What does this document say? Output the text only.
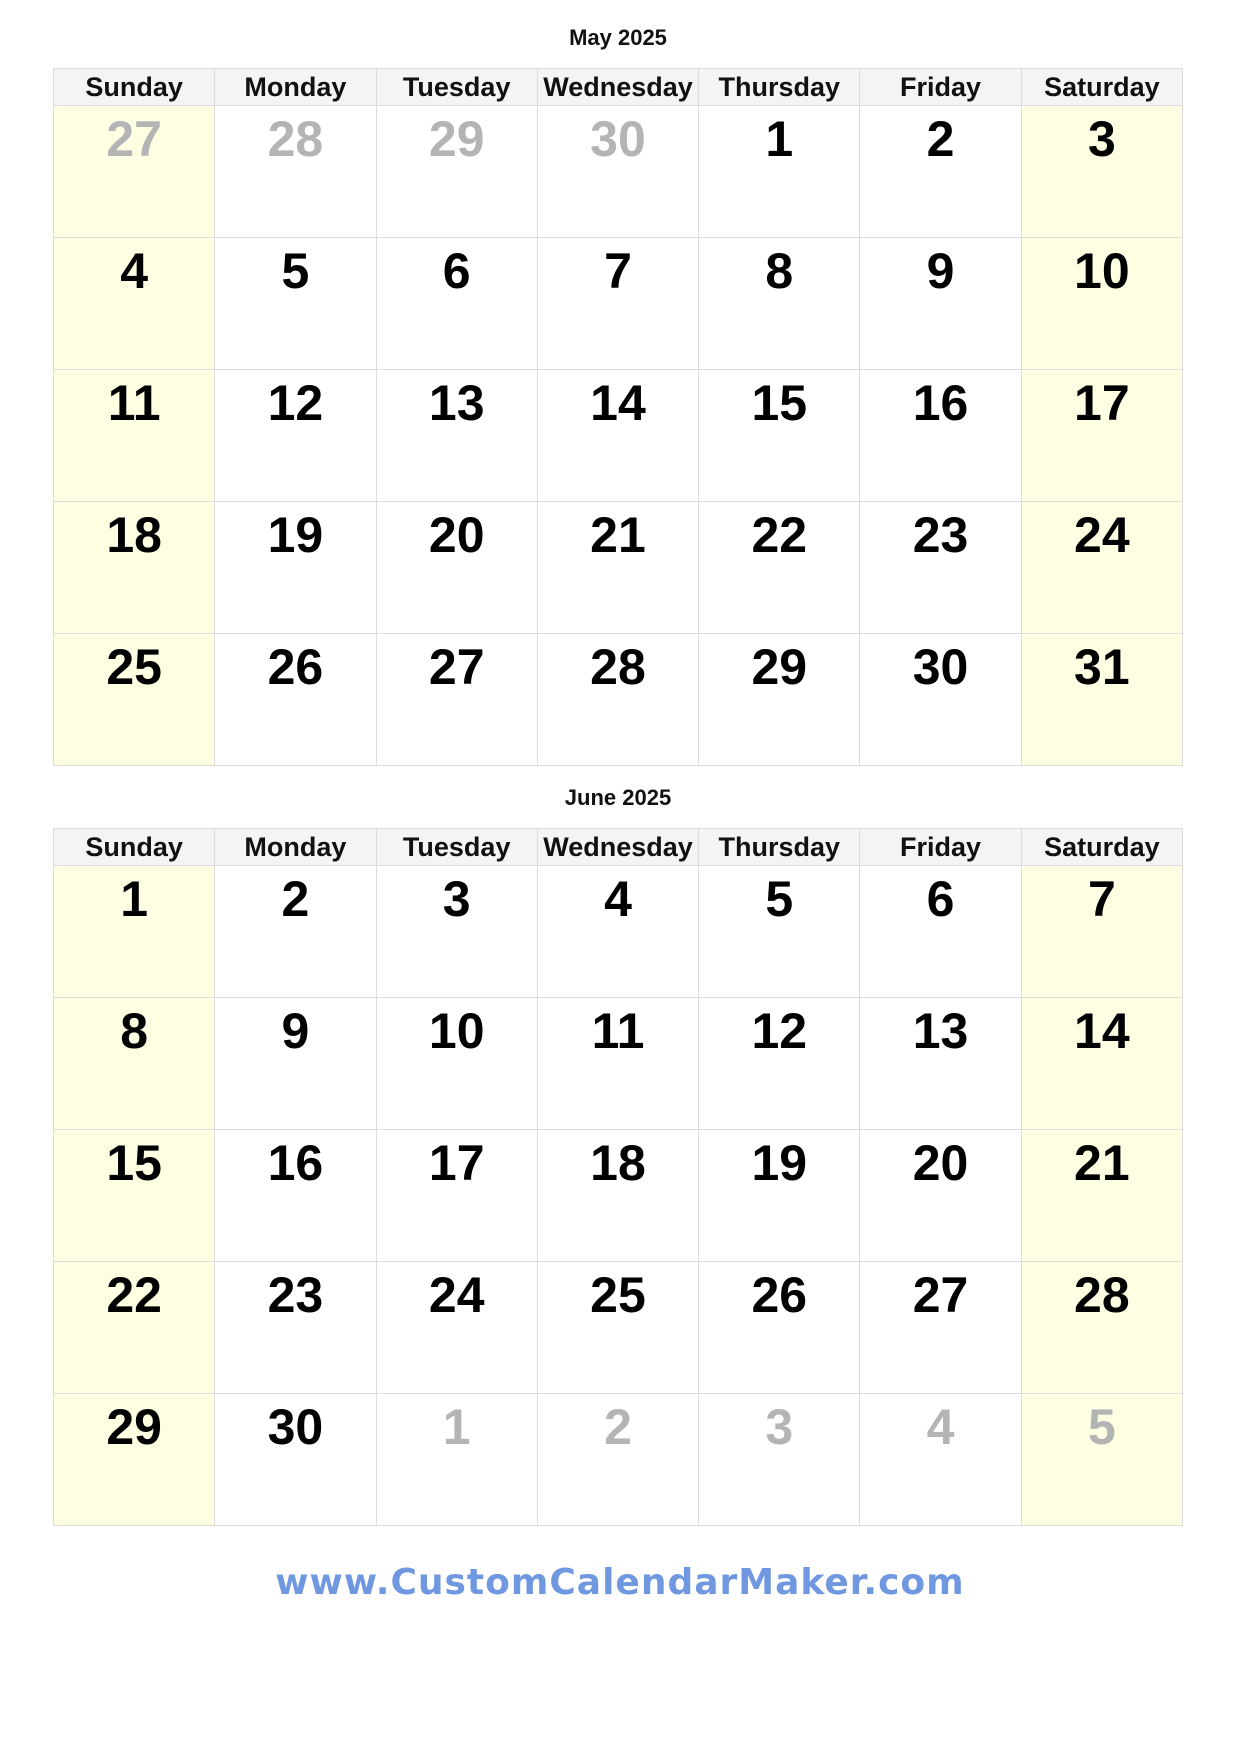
May 2025
Sunday	Monday	Tuesday	Wednesday Thursday	Friday	Saturday
27	28	29	30	1	2	3
4	5	6	7	8	9	10
11	12	13	14	15	16	17
18	19	20	21	22	23	24
25	26	27	28	29	30	31
June 2025
Sunday	Monday	Tuesday	Wednesday Thursday	Friday	Saturday
1	2	3	4	5	6	7
8	9	10	11	12	13	14
15	16	17	18	19	20	21
22	23	24	25	26	27	28
29	30	1	2	3	4	5
www.CustomCalendarMaker.com
